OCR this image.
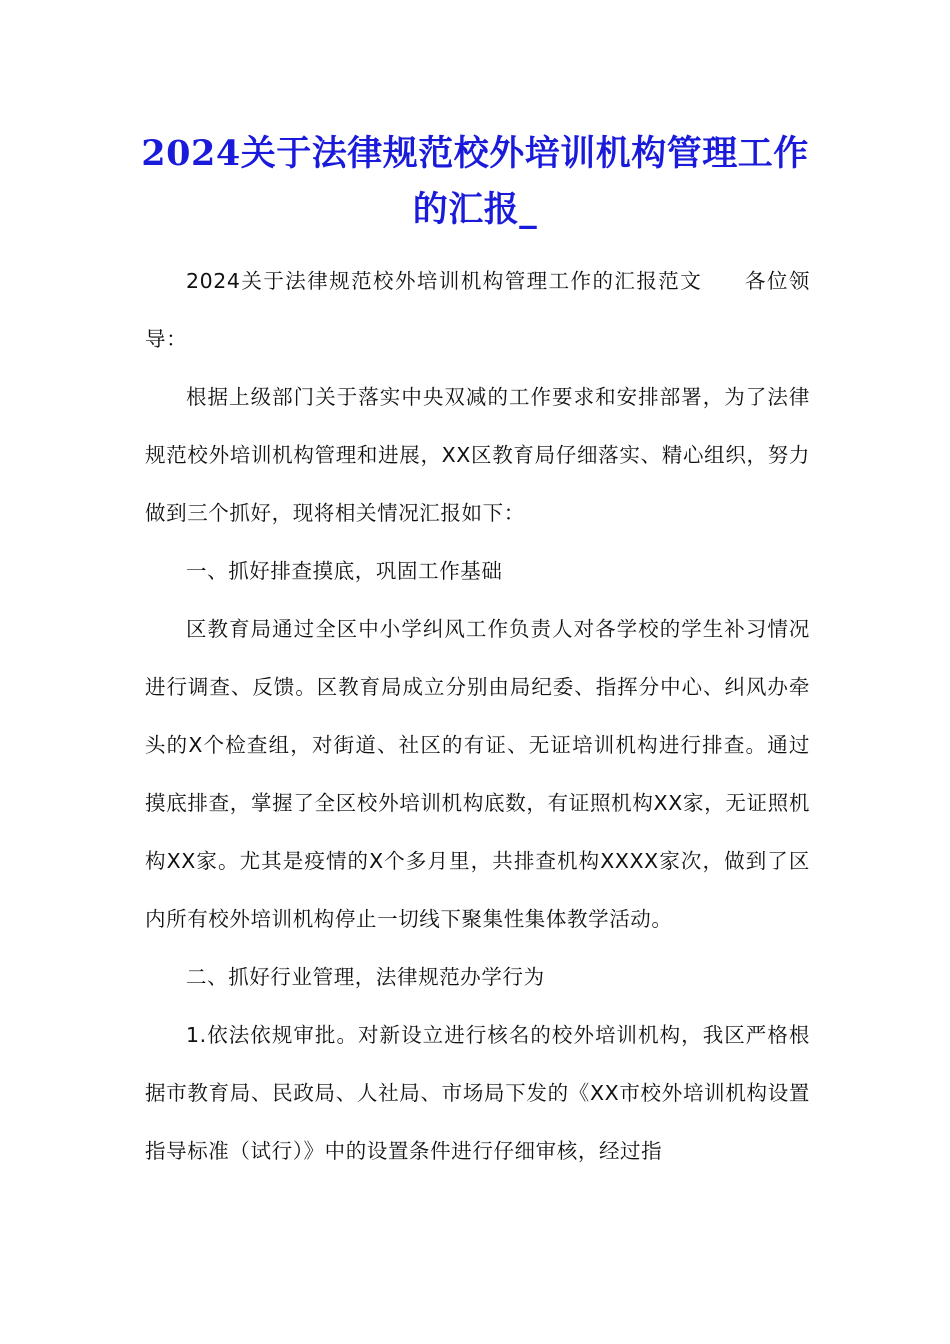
2024关于法律规范校外培训机构管理工作的汇报_

2024关于法律规范校外培训机构管理工作的汇报范文 各位领导：

根据上级部门关于落实中央双减的工作要求和安排部署，为了法律规范校外培训机构管理和进展，XX区教育局仔细落实、精心组织，努力做到三个抓好，现将相关情况汇报如下：

一、抓好排查摸底，巩固工作基础

区教育局通过全区中小学纠风工作负责人对各学校的学生补习情况进行调查、反馈。区教育局成立分别由局纪委、指挥分中心、纠风办牵头的X个检查组，对街道、社区的有证、无证培训机构进行排查。通过摸底排查，掌握了全区校外培训机构底数，有证照机构XX家，无证照机构XX家。尤其是疫情的X个多月里，共排查机构XXXX家次，做到了区内所有校外培训机构停止一切线下聚集性集体教学活动。

二、抓好行业管理，法律规范办学行为

1.依法依规审批。对新设立进行核名的校外培训机构，我区严格根据市教育局、民政局、人社局、市场局下发的《XX市校外培训机构设置指导标准（试行）》中的设置条件进行仔细审核，经过指
